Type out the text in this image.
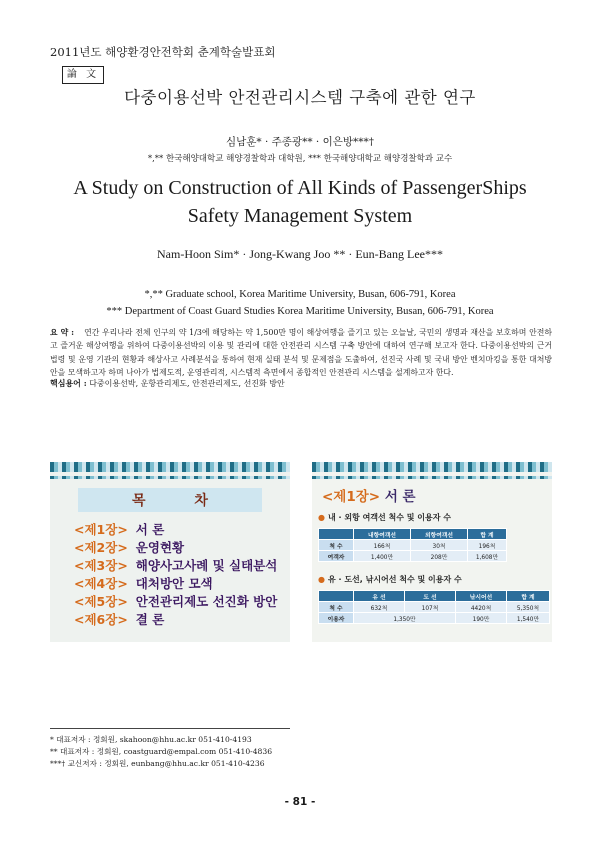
2011년도 해양환경안전학회 춘계학술발표회
論 文
다중이용선박 안전관리시스템 구축에 관한 연구
심남훈* · 주종광** · 이은방***†
*,** 한국해양대학교 해양경찰학과 대학원, *** 한국해양대학교 해양경찰학과 교수
A Study on Construction of All Kinds of PassengerShips
Safety Management System
Nam-Hoon Sim* · Jong-Kwang Joo ** · Eun-Bang Lee***
*,** Graduate school, Korea Maritime University, Busan, 606-791, Korea
*** Department of Coast Guard Studies Korea Maritime University, Busan, 606-791, Korea
요 약 : 연간 우리나라 전체 인구의 약 1/3에 해당하는 약 1,500만 명이 해상여행을 즐기고 있는 오늘날, 국민의 생명과 재산을 보호하며 안전하고 즐거운 해상여행을 위하여 다중이용선박의 이용 및 관리에 대한 안전관리 시스템 구축 방안에 대하여 연구해 보고자 한다. 다중이용선박의 근거 법령 및 운영 기관의 현황과 해상사고 사례분석을 통하여 현재 실태 분석 및 문제점을 도출하여, 선진국 사례 및 국내 방안 벤치마킹을 통한 대처방안을 모색하고자 하며 나아가 법제도적, 운영관리적, 시스템적 측면에서 종합적인 안전관리 시스템을 설계하고자 한다.
핵심용어 : 다중이용선박, 운항관리제도, 안전관리제도, 선진화 방안
목 차
<제1장> 서 론
<제2장> 운영현황
<제3장> 해양사고사례 및 실태분석
<제4장> 대처방안 모색
<제5장> 안전관리제도 선진화 방안
<제6장> 결 론
<제1장> 서 론
● 내 · 외항 여객선 척수 및 이용자 수
	내항여객선	외항여객선	합 계
척 수	166척	30척	196척
여객자	1,400만	208만	1,608만
● 유 · 도선, 낚시어선 척수 및 이용자 수
	유 선	도 선	낚시어선	합 계
척 수	632척	107척	4420척	5,350척
이용자	1,350만		190만	1,540만
* 대표저자 : 정회원, skahoon@hhu.ac.kr 051-410-4193
** 대표저자 : 정회원, coastguard@empal.com 051-410-4836
***† 교신저자 : 정회원, eunbang@hhu.ac.kr 051-410-4236
- 81 -
